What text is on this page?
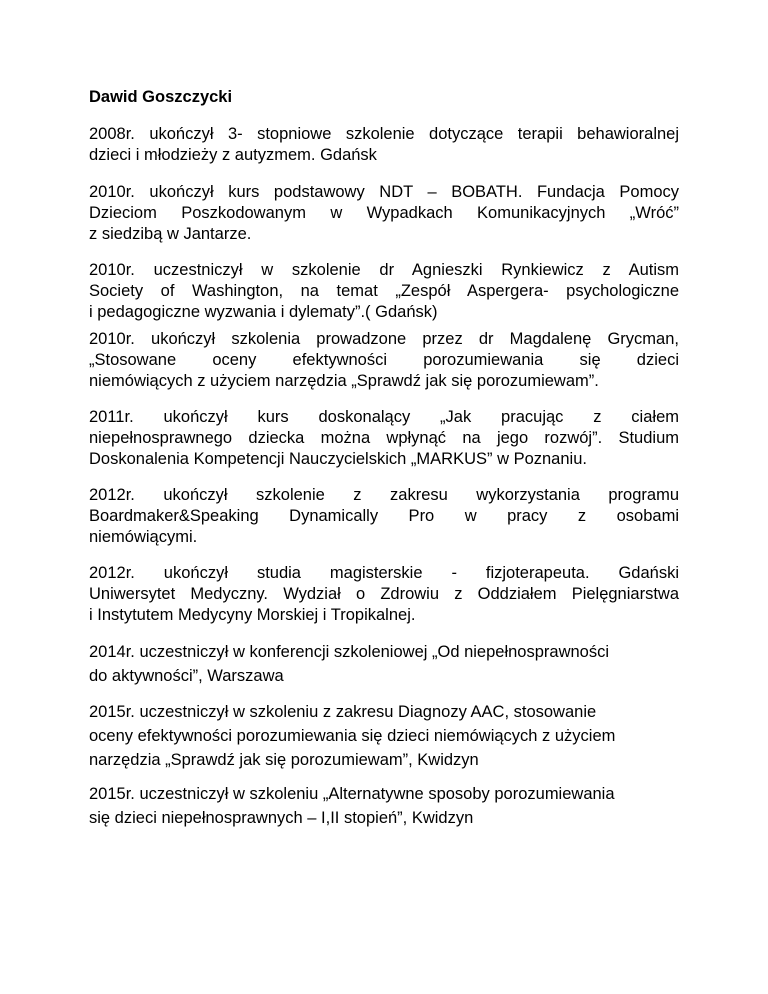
Dawid Goszczycki

2008r. ukończył 3- stopniowe szkolenie dotyczące terapii behawioralnej
dzieci i młodzieży z autyzmem. Gdańsk

2010r. ukończył kurs podstawowy NDT – BOBATH. Fundacja Pomocy
Dzieciom Poszkodowanym w Wypadkach Komunikacyjnych „Wróć”
z siedzibą w Jantarze.

2010r. uczestniczył w szkolenie dr Agnieszki Rynkiewicz z Autism
Society of Washington, na temat „Zespół Aspergera- psychologiczne
i pedagogiczne wyzwania i dylematy”.( Gdańsk)

2010r. ukończył szkolenia prowadzone przez dr Magdalenę Grycman,
„Stosowane oceny efektywności porozumiewania się dzieci
niemówiących z użyciem narzędzia „Sprawdź jak się porozumiewam”.

2011r. ukończył kurs doskonalący „Jak pracując z ciałem
niepełnosprawnego dziecka można wpłynąć na jego rozwój”. Studium
Doskonalenia Kompetencji Nauczycielskich „MARKUS” w Poznaniu.

2012r. ukończył szkolenie z zakresu wykorzystania programu
Boardmaker&Speaking Dynamically Pro w pracy z osobami
niemówiącymi.

2012r. ukończył studia magisterskie - fizjoterapeuta. Gdański
Uniwersytet Medyczny. Wydział o Zdrowiu z Oddziałem Pielęgniarstwa
i Instytutem Medycyny Morskiej i Tropikalnej.

2014r. uczestniczył w konferencji szkoleniowej „Od niepełnosprawności
do aktywności”, Warszawa

2015r. uczestniczył w szkoleniu z zakresu Diagnozy AAC, stosowanie
oceny efektywności porozumiewania się dzieci niemówiących z użyciem
narzędzia „Sprawdź jak się porozumiewam”, Kwidzyn

2015r. uczestniczył w szkoleniu „Alternatywne sposoby porozumiewania
się dzieci niepełnosprawnych – I,II stopień”, Kwidzyn
